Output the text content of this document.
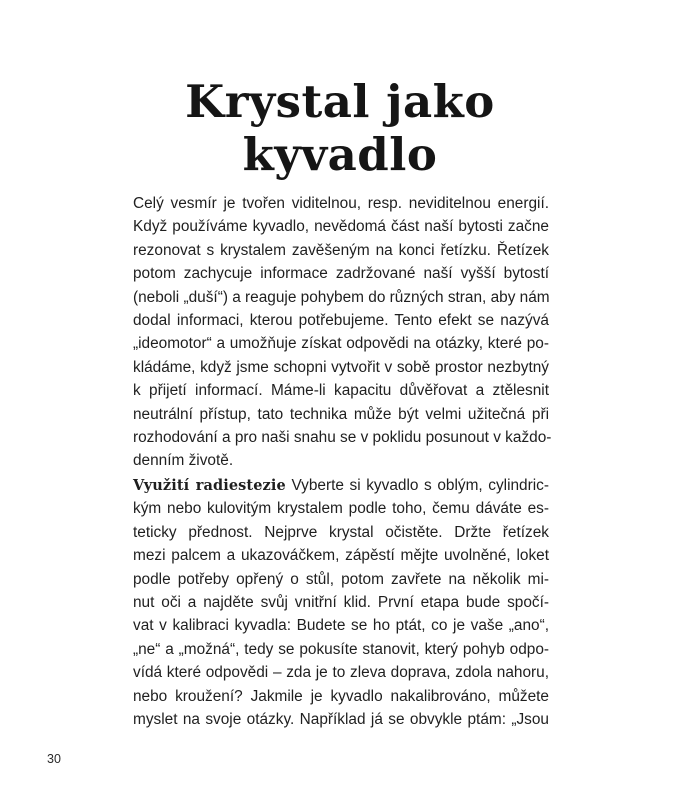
Krystal jako
kyvadlo
Celý vesmír je tvořen viditelnou, resp. neviditelnou energií.
Když používáme kyvadlo, nevědomá část naší bytosti začne
rezonovat s krystalem zavěšeným na konci řetízku. Řetízek
potom zachycuje informace zadržované naší vyšší bytostí
(neboli „duší“) a reaguje pohybem do různých stran, aby nám
dodal informaci, kterou potřebujeme. Tento efekt se nazývá
„ideomotor“ a umožňuje získat odpovědi na otázky, které po-
kládáme, když jsme schopni vytvořit v sobě prostor nezbytný
k přijetí informací. Máme-li kapacitu důvěřovat a ztělesnit
neutrální přístup, tato technika může být velmi užitečná při
rozhodování a pro naši snahu se v poklidu posunout v každo-
denním životě.
Využití radiestezie Vyberte si kyvadlo s oblým, cylindric-
kým nebo kulovitým krystalem podle toho, čemu dáváte es-
teticky přednost. Nejprve krystal očistěte. Držte řetízek
mezi palcem a ukazováčkem, zápěstí mějte uvolněné, loket
podle potřeby opřený o stůl, potom zavřete na několik mi-
nut oči a najděte svůj vnitřní klid. První etapa bude spočí-
vat v kalibraci kyvadla: Budete se ho ptát, co je vaše „ano“,
„ne“ a „možná“, tedy se pokusíte stanovit, který pohyb odpo-
vídá které odpovědi – zda je to zleva doprava, zdola nahoru,
nebo kroužení? Jakmile je kyvadlo nakalibrováno, můžete
myslet na svoje otázky. Například já se obvykle ptám: „Jsou
30
